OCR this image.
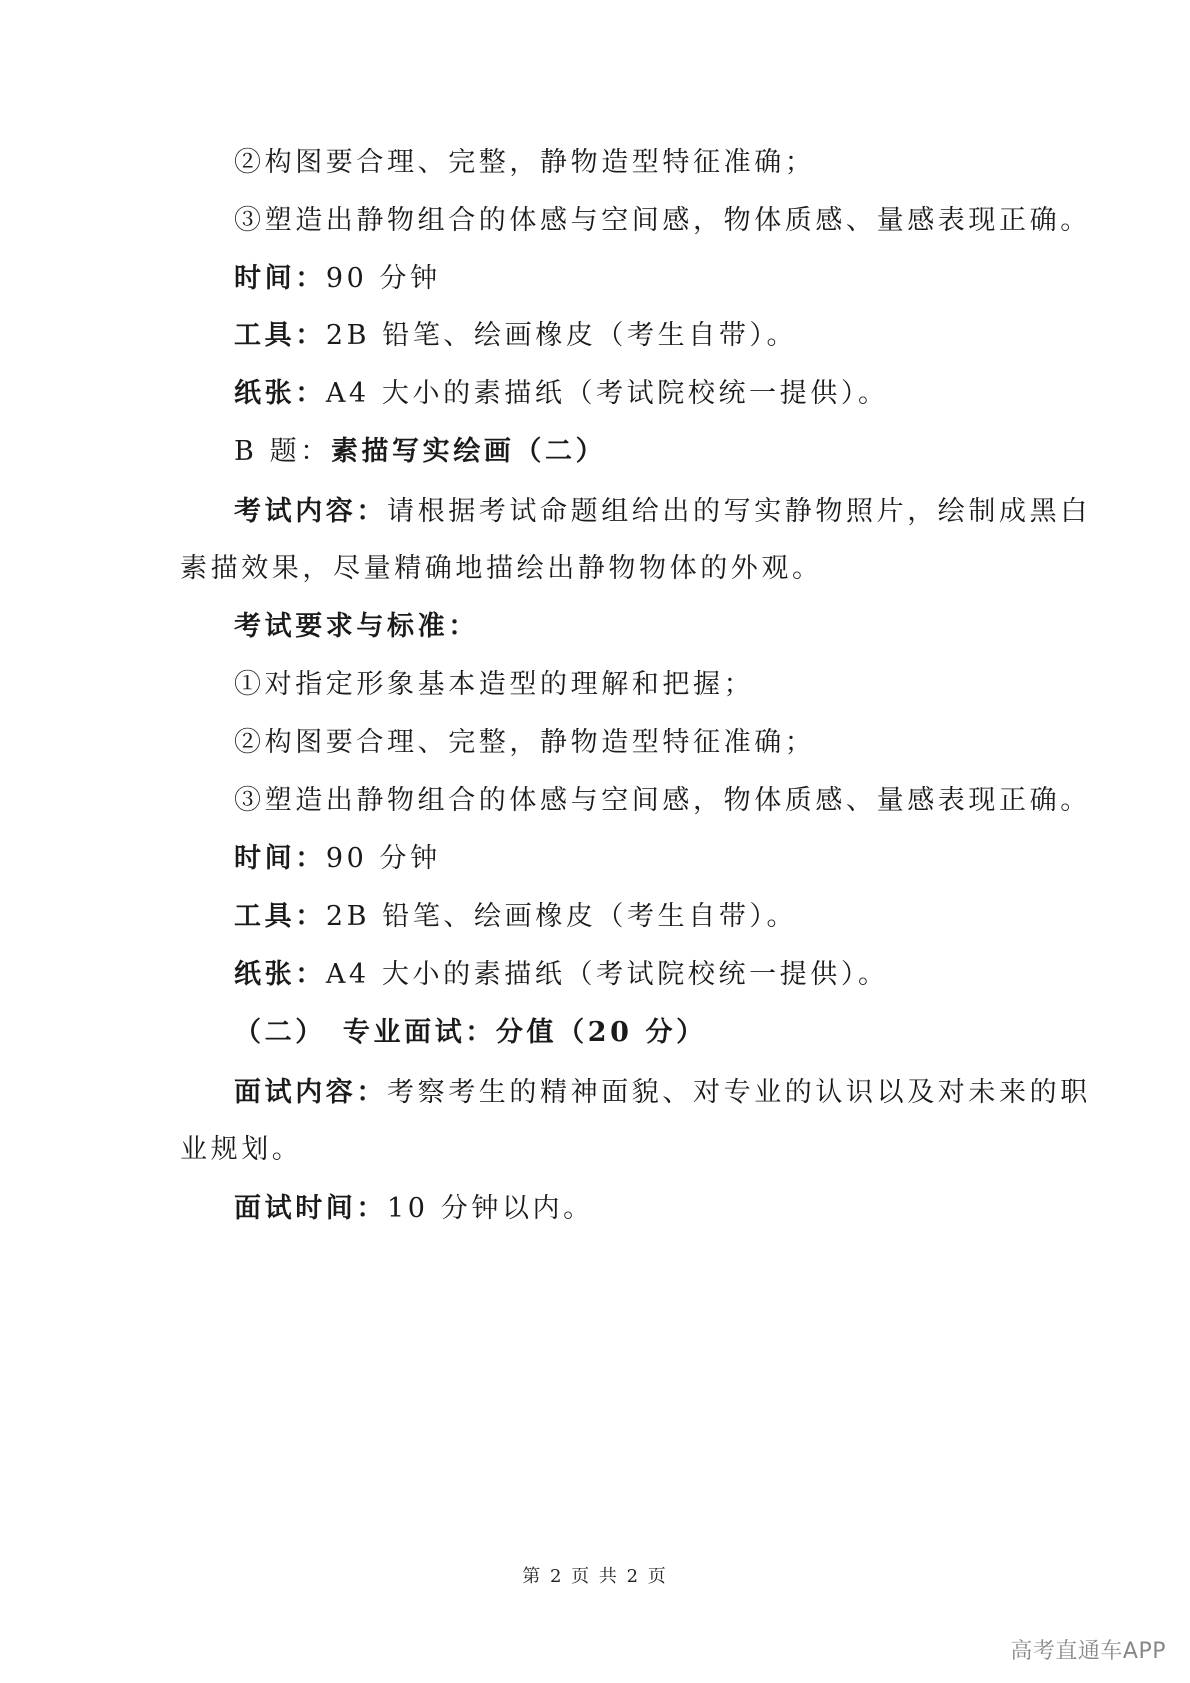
②构图要合理、完整，静物造型特征准确；
③塑造出静物组合的体感与空间感，物体质感、量感表现正确。
时间：90 分钟
工具：2B 铅笔、绘画橡皮（考生自带）。
纸张：A4 大小的素描纸（考试院校统一提供）。
B 题：素描写实绘画（二）
考试内容：请根据考试命题组给出的写实静物照片，绘制成黑白
素描效果，尽量精确地描绘出静物物体的外观。
考试要求与标准：
①对指定形象基本造型的理解和把握；
②构图要合理、完整，静物造型特征准确；
③塑造出静物组合的体感与空间感，物体质感、量感表现正确。
时间：90 分钟
工具：2B 铅笔、绘画橡皮（考生自带）。
纸张：A4 大小的素描纸（考试院校统一提供）。
（二）　专业面试：分值（20 分）
面试内容：考察考生的精神面貌、对专业的认识以及对未来的职
业规划。
面试时间：10 分钟以内。
第 2 页 共 2 页
高考直通车APP
